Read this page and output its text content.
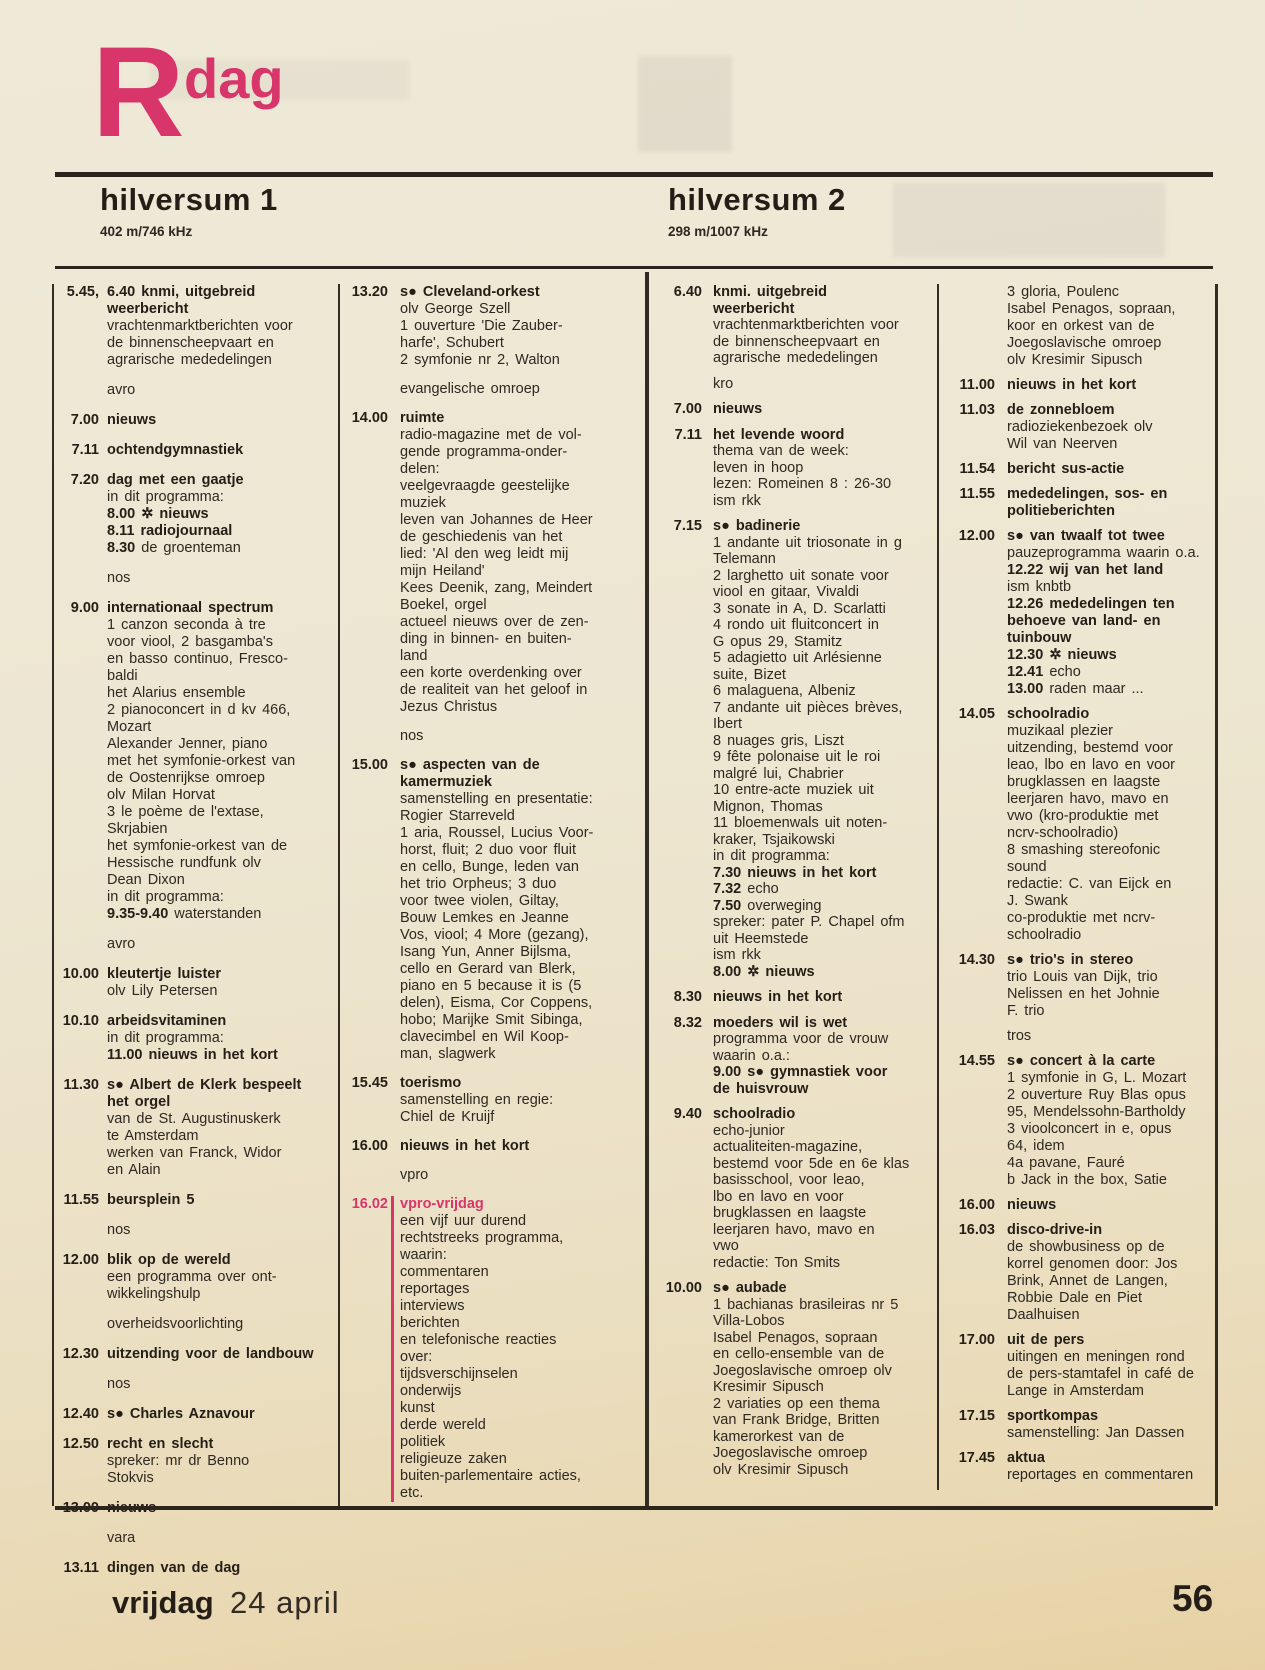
R dag
hilversum 1
402 m/746 kHz
hilversum 2
298 m/1007 kHz
5.45, 6.40 knmi, uitgebreid
weerbericht
vrachtenmarktberichten voor
de binnenscheepvaart en
agrarische mededelingen
avro
7.00 nieuws
7.11 ochtendgymnastiek
7.20 dag met een gaatje
in dit programma:
8.00 ✲ nieuws
8.11 radiojournaal
8.30 de groenteman
nos
9.00 internationaal spectrum
1 canzon seconda à tre
voor viool, 2 basgamba's
en basso continuo, Fresco-
baldi
het Alarius ensemble
2 pianoconcert in d kv 466,
Mozart
Alexander Jenner, piano
met het symfonie-orkest van
de Oostenrijkse omroep
olv Milan Horvat
3 le poème de l'extase,
Skrjabien
het symfonie-orkest van de
Hessische rundfunk olv
Dean Dixon
in dit programma:
9.35-9.40 waterstanden
avro
10.00 kleutertje luister
olv Lily Petersen
10.10 arbeidsvitaminen
in dit programma:
11.00 nieuws in het kort
11.30 s● Albert de Klerk bespeelt
het orgel
van de St. Augustinuskerk
te Amsterdam
werken van Franck, Widor
en Alain
11.55 beursplein 5
nos
12.00 blik op de wereld
een programma over ont-
wikkelingshulp
overheidsvoorlichting
12.30 uitzending voor de landbouw
nos
12.40 s● Charles Aznavour
12.50 recht en slecht
spreker: mr dr Benno
Stokvis
vara
13.11 dingen van de dag
13.20 s● Cleveland-orkest
olv George Szell
1 ouverture 'Die Zauber-
harfe', Schubert
2 symfonie nr 2, Walton
evangelische omroep
14.00 ruimte
radio-magazine met de vol-
gende programma-onder-
delen:
veelgevraagde geestelijke
muziek
leven van Johannes de Heer
de geschiedenis van het
lied: 'Al den weg leidt mij
mijn Heiland'
Kees Deenik, zang, Meindert
Boekel, orgel
actueel nieuws over de zen-
ding in binnen- en buiten-
land
een korte overdenking over
de realiteit van het geloof in
Jezus Christus
nos
15.00 s● aspecten van de
kamermuziek
samenstelling en presentatie:
Rogier Starreveld
1 aria, Roussel, Lucius Voor-
horst, fluit; 2 duo voor fluit
en cello, Bunge, leden van
het trio Orpheus; 3 duo
voor twee violen, Giltay,
Bouw Lemkes en Jeanne
Vos, viool; 4 More (gezang),
Isang Yun, Anner Bijlsma,
cello en Gerard van Blerk,
piano en 5 because it is (5
delen), Eisma, Cor Coppens,
hobo; Marijke Smit Sibinga,
clavecimbel en Wil Koop-
man, slagwerk
15.45 toerismo
samenstelling en regie:
Chiel de Kruijf
16.00 nieuws in het kort
vpro
16.02 vpro-vrijdag
een vijf uur durend
rechtstreeks programma,
waarin:
commentaren
reportages
interviews
berichten
en telefonische reacties
over:
tijdsverschijnselen
onderwijs
kunst
derde wereld
politiek
religieuze zaken
buiten-parlementaire acties,
etc.
6.40 knmi. uitgebreid
weerbericht
vrachtenmarktberichten voor
de binnenscheepvaart en
agrarische mededelingen
kro
7.00 nieuws
7.11 het levende woord
thema van de week:
leven in hoop
lezen: Romeinen 8 : 26-30
ism rkk
7.15 s● badinerie
1 andante uit triosonate in g
Telemann
2 larghetto uit sonate voor
viool en gitaar, Vivaldi
3 sonate in A, D. Scarlatti
4 rondo uit fluitconcert in
G opus 29, Stamitz
5 adagietto uit Arlésienne
suite, Bizet
6 malaguena, Albeniz
7 andante uit pièces brèves,
Ibert
8 nuages gris, Liszt
9 fête polonaise uit le roi
malgré lui, Chabrier
10 entre-acte muziek uit
Mignon, Thomas
11 bloemenwals uit noten-
kraker, Tsjaikowski
in dit programma:
7.30 nieuws in het kort
7.32 echo
7.50 overweging
spreker: pater P. Chapel ofm
uit Heemstede
ism rkk
8.00 ✲ nieuws
8.30 nieuws in het kort
8.32 moeders wil is wet
programma voor de vrouw
waarin o.a.:
9.00 s● gymnastiek voor
de huisvrouw
9.40 schoolradio
echo-junior
actualiteiten-magazine,
bestemd voor 5de en 6e klas
basisschool, voor leao,
lbo en lavo en voor
brugklassen en laagste
leerjaren havo, mavo en
vwo
redactie: Ton Smits
10.00 s● aubade
1 bachianas brasileiras nr 5
Villa-Lobos
Isabel Penagos, sopraan
en cello-ensemble van de
Joegoslavische omroep olv
Kresimir Sipusch
2 variaties op een thema
van Frank Bridge, Britten
kamerorkest van de
Joegoslavische omroep
olv Kresimir Sipusch
3 gloria, Poulenc
Isabel Penagos, sopraan,
koor en orkest van de
Joegoslavische omroep
olv Kresimir Sipusch
11.00 nieuws in het kort
11.03 de zonnebloem
radioziekenbezoek olv
Wil van Neerven
11.54 bericht sus-actie
11.55 mededelingen, sos- en
politieberichten
12.00 s● van twaalf tot twee
pauzeprogramma waarin o.a.
12.22 wij van het land
ism knbtb
12.26 mededelingen ten
behoeve van land- en
tuinbouw
12.30 ✲ nieuws
12.41 echo
13.00 raden maar ...
14.05 schoolradio
muzikaal plezier
uitzending, bestemd voor
leao, lbo en lavo en voor
brugklassen en laagste
leerjaren havo, mavo en
vwo (kro-produktie met
ncrv-schoolradio)
8 smashing stereofonic
sound
redactie: C. van Eijck en
J. Swank
co-produktie met ncrv-
schoolradio
14.30 s● trio's in stereo
trio Louis van Dijk, trio
Nelissen en het Johnie
F. trio
tros
14.55 s● concert à la carte
1 symfonie in G, L. Mozart
2 ouverture Ruy Blas opus
95, Mendelssohn-Bartholdy
3 vioolconcert in e, opus
64, idem
4a pavane, Fauré
b Jack in the box, Satie
16.00 nieuws
16.03 disco-drive-in
de showbusiness op de
korrel genomen door: Jos
Brink, Annet de Langen,
Robbie Dale en Piet
Daalhuisen
17.00 uit de pers
uitingen en meningen rond
de pers-stamtafel in café de
Lange in Amsterdam
17.15 sportkompas
samenstelling: Jan Dassen
17.45 aktua
reportages en commentaren
vrijdag 24 april	56
